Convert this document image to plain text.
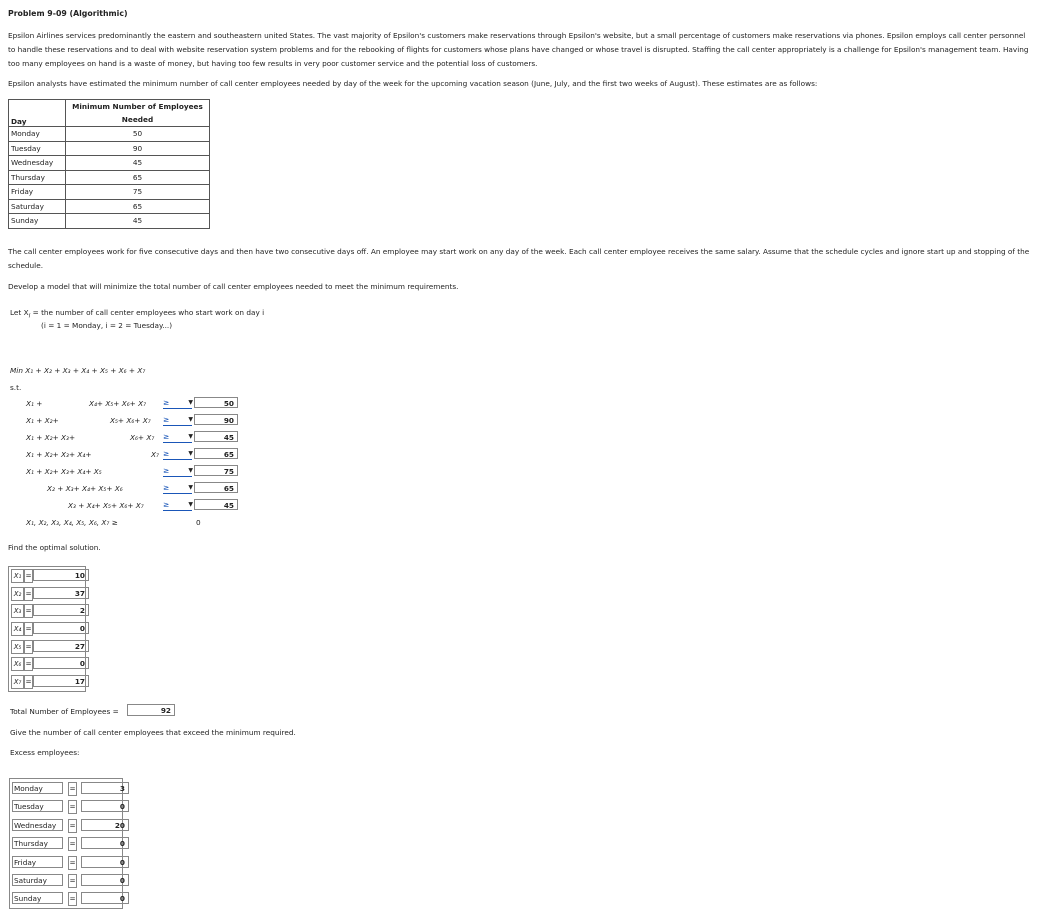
Problem 9-09 (Algorithmic)
Epsilon Airlines services predominantly the eastern and southeastern united States. The vast majority of Epsilon's customers make reservations through Epsilon's website, but a small percentage of customers make reservations via phones. Epsilon employs call center personnel to handle these reservations and to deal with website reservation system problems and for the rebooking of flights for customers whose plans have changed or whose travel is disrupted. Staffing the call center appropriately is a challenge for Epsilon's management team. Having too many employees on hand is a waste of money, but having too few results in very poor customer service and the potential loss of customers.
Epsilon analysts have estimated the minimum number of call center employees needed by day of the week for the upcoming vacation season (June, July, and the first two weeks of August). These estimates are as follows:
Day	Minimum Number of Employees Needed
Monday	50
Tuesday	90
Wednesday	45
Thursday	65
Friday	75
Saturday	65
Sunday	45
The call center employees work for five consecutive days and then have two consecutive days off. An employee may start work on any day of the week. Each call center employee receives the same salary. Assume that the schedule cycles and ignore start up and stopping of the schedule.
Develop a model that will minimize the total number of call center employees needed to meet the minimum requirements.
Let $X_i$ = the number of call center employees who start work on day i
(i = 1 = Monday, i = 2 = Tuesday...)
Min X₁ + X₂ + X₃ + X₄ + X₅ + X₆ + X₇
s.t.
X₁ +	X₄+ X₅+ X₆+ X₇ ≥	▼	50
X₁ + X₂+	X₅+ X₆+ X₇ ≥	▼	90
X₁ + X₂+ X₃+	X₆+ X₇ ≥	▼	45
X₁ + X₂+ X₃+ X₄+	X₇ ≥	▼	65
X₁ + X₂+ X₃+ X₄+ X₅	≥	▼	75
X₂ + X₃+ X₄+ X₅+ X₆	≥	▼	65
X₃ + X₄+ X₅+ X₆+ X₇	≥	▼	45
X₁, X₂, X₃, X₄, X₅, X₆, X₇ ≥	0
Find the optimal solution.
X₁ =	10
X₂ =	37
X₃ =	2
X₄ =	0
X₅ =	27
X₆ =	0
X₇ =	17
Total Number of Employees =	92
Give the number of call center employees that exceed the minimum required.
Excess employees:
Monday	=	3
Tuesday	=	0
Wednesday	=	20
Thursday	=	0
Friday	=	0
Saturday	=	0
Sunday	=	0
